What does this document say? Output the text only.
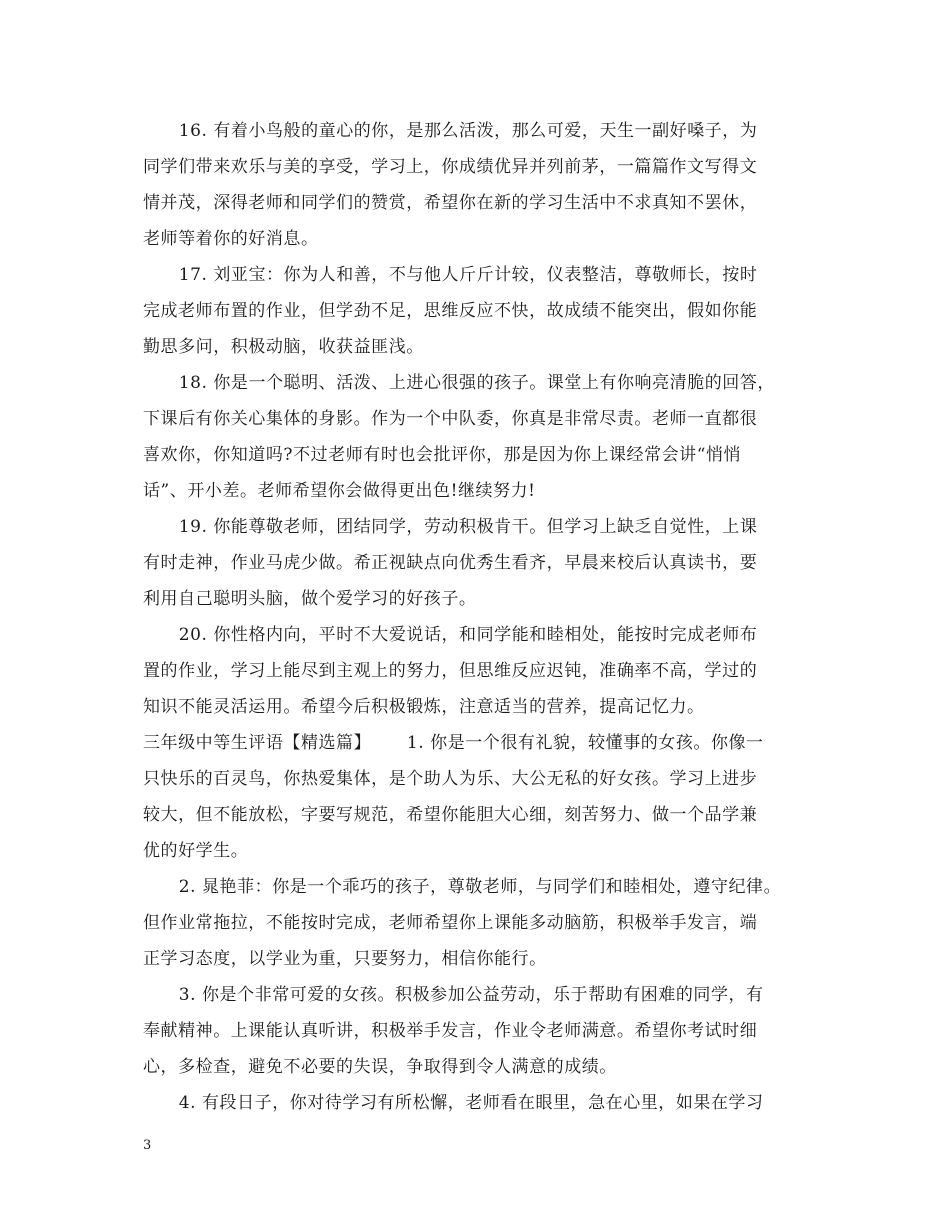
16. 有着小鸟般的童心的你，是那么活泼，那么可爱，天生一副好嗓子，为
同学们带来欢乐与美的享受，学习上，你成绩优异并列前茅，一篇篇作文写得文
情并茂，深得老师和同学们的赞赏，希望你在新的学习生活中不求真知不罢休，
老师等着你的好消息。
17. 刘亚宝：你为人和善，不与他人斤斤计较，仪表整洁，尊敬师长，按时
完成老师布置的作业，但学劲不足，思维反应不快，故成绩不能突出，假如你能
勤思多问，积极动脑，收获益匪浅。
18. 你是一个聪明、活泼、上进心很强的孩子。课堂上有你响亮清脆的回答，
下课后有你关心集体的身影。作为一个中队委，你真是非常尽责。老师一直都很
喜欢你，你知道吗?不过老师有时也会批评你，那是因为你上课经常会讲“悄悄
话”、开小差。老师希望你会做得更出色!继续努力!
19. 你能尊敬老师，团结同学，劳动积极肯干。但学习上缺乏自觉性，上课
有时走神，作业马虎少做。希正视缺点向优秀生看齐，早晨来校后认真读书，要
利用自己聪明头脑，做个爱学习的好孩子。
20. 你性格内向，平时不大爱说话，和同学能和睦相处，能按时完成老师布
置的作业，学习上能尽到主观上的努力，但思维反应迟钝，准确率不高，学过的
知识不能灵活运用。希望今后积极锻炼，注意适当的营养，提高记忆力。
三年级中等生评语【精选篇】      1. 你是一个很有礼貌，较懂事的女孩。你像一
只快乐的百灵鸟，你热爱集体，是个助人为乐、大公无私的好女孩。学习上进步
较大，但不能放松，字要写规范，希望你能胆大心细，刻苦努力、做一个品学兼
优的好学生。
2. 晁艳菲：你是一个乖巧的孩子，尊敬老师，与同学们和睦相处，遵守纪律。
但作业常拖拉，不能按时完成，老师希望你上课能多动脑筋，积极举手发言，端
正学习态度，以学业为重，只要努力，相信你能行。
3. 你是个非常可爱的女孩。积极参加公益劳动，乐于帮助有困难的同学，有
奉献精神。上课能认真听讲，积极举手发言，作业令老师满意。希望你考试时细
心，多检查，避免不必要的失误，争取得到令人满意的成绩。
4. 有段日子，你对待学习有所松懈，老师看在眼里，急在心里，如果在学习
3
